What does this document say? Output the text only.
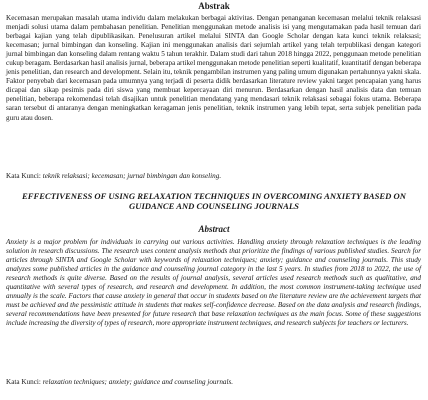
Abstrak

Kecemasan merupakan masalah utama individu dalam melakukan berbagai aktivitas. Dengan penanganan kecemasan melalui teknik relaksasi menjadi solusi utama dalam pembahasan penelitian. Penelitian menggunakan metode analisis isi yang mengutamakan pada hasil temuan dari berbagai kajian yang telah dipublikasikan. Penelusuran artikel melalui SINTA dan Google Scholar dengan kata kunci teknik relaksasi; kecemasan; jurnal bimbingan dan konseling. Kajian ini menggunakan analisis dari sejumlah artikel yang telah terpublikasi dengan kategori jurnal bimbingan dan konseling dalam rentang waktu 5 tahun terakhir. Dalam studi dari tahun 2018 hingga 2022, penggunaan metode penelitian cukup beragam. Berdasarkan hasil analisis jurnal, beberapa artikel menggunakan metode penelitian seperti kualitatif, kuantitatif dengan beberapa jenis penelitian, dan research and development. Selain itu, teknik pengambilan instrumen yang paling umum digunakan pertahunnya yakni skala. Faktor penyebab dari kecemasan pada umumnya yang terjadi di peserta didik berdasarkan literature review yakni target pencapaian yang harus dicapai dan sikap pesimis pada diri siswa yang membuat kepercayaan diri menurun. Berdasarkan dengan hasil analisis data dan temuan penelitian, beberapa rekomendasi telah disajikan untuk penelitian mendatang yang mendasari teknik relaksasi sebagai fokus utama. Beberapa saran tersebut di antaranya dengan meningkatkan keragaman jenis penelitian, teknik instrumen yang lebih tepat, serta subjek penelitian pada guru atau dosen.

Kata Kunci: teknik relaksasi; kecemasan; jurnal bimbingan dan konseling.

EFFECTIVENESS OF USING RELAXATION TECHNIQUES IN OVERCOMING ANXIETY BASED ON GUIDANCE AND COUNSELING JOURNALS
Abstract

Anxiety is a major problem for individuals in carrying out various activities. Handling anxiety through relaxation techniques is the leading solution in research discussions. The research uses content analysis methods that prioritize the findings of various published studies. Search for articles through SINTA and Google Scholar with keywords of relaxation techniques; anxiety; guidance and counseling journals. This study analyzes some published articles in the guidance and counseling journal category in the last 5 years. In studies from 2018 to 2022, the use of research methods is quite diverse. Based on the results of journal analysis, several articles used research methods such as qualitative, and quantitative with several types of research, and research and development. In addition, the most common instrument-taking technique used annually is the scale. Factors that cause anxiety in general that occur in students based on the literature review are the achievement targets that must be achieved and the pessimistic attitude in students that makes self-confidence decrease. Based on the data analysis and research findings, several recommendations have been presented for future research that base relaxation techniques as the main focus. Some of these suggestions include increasing the diversity of types of research, more appropriate instrument techniques, and research subjects for teachers or lecturers.

Kata Kunci: relaxation techniques; anxiety; guidance and counseling journals.
